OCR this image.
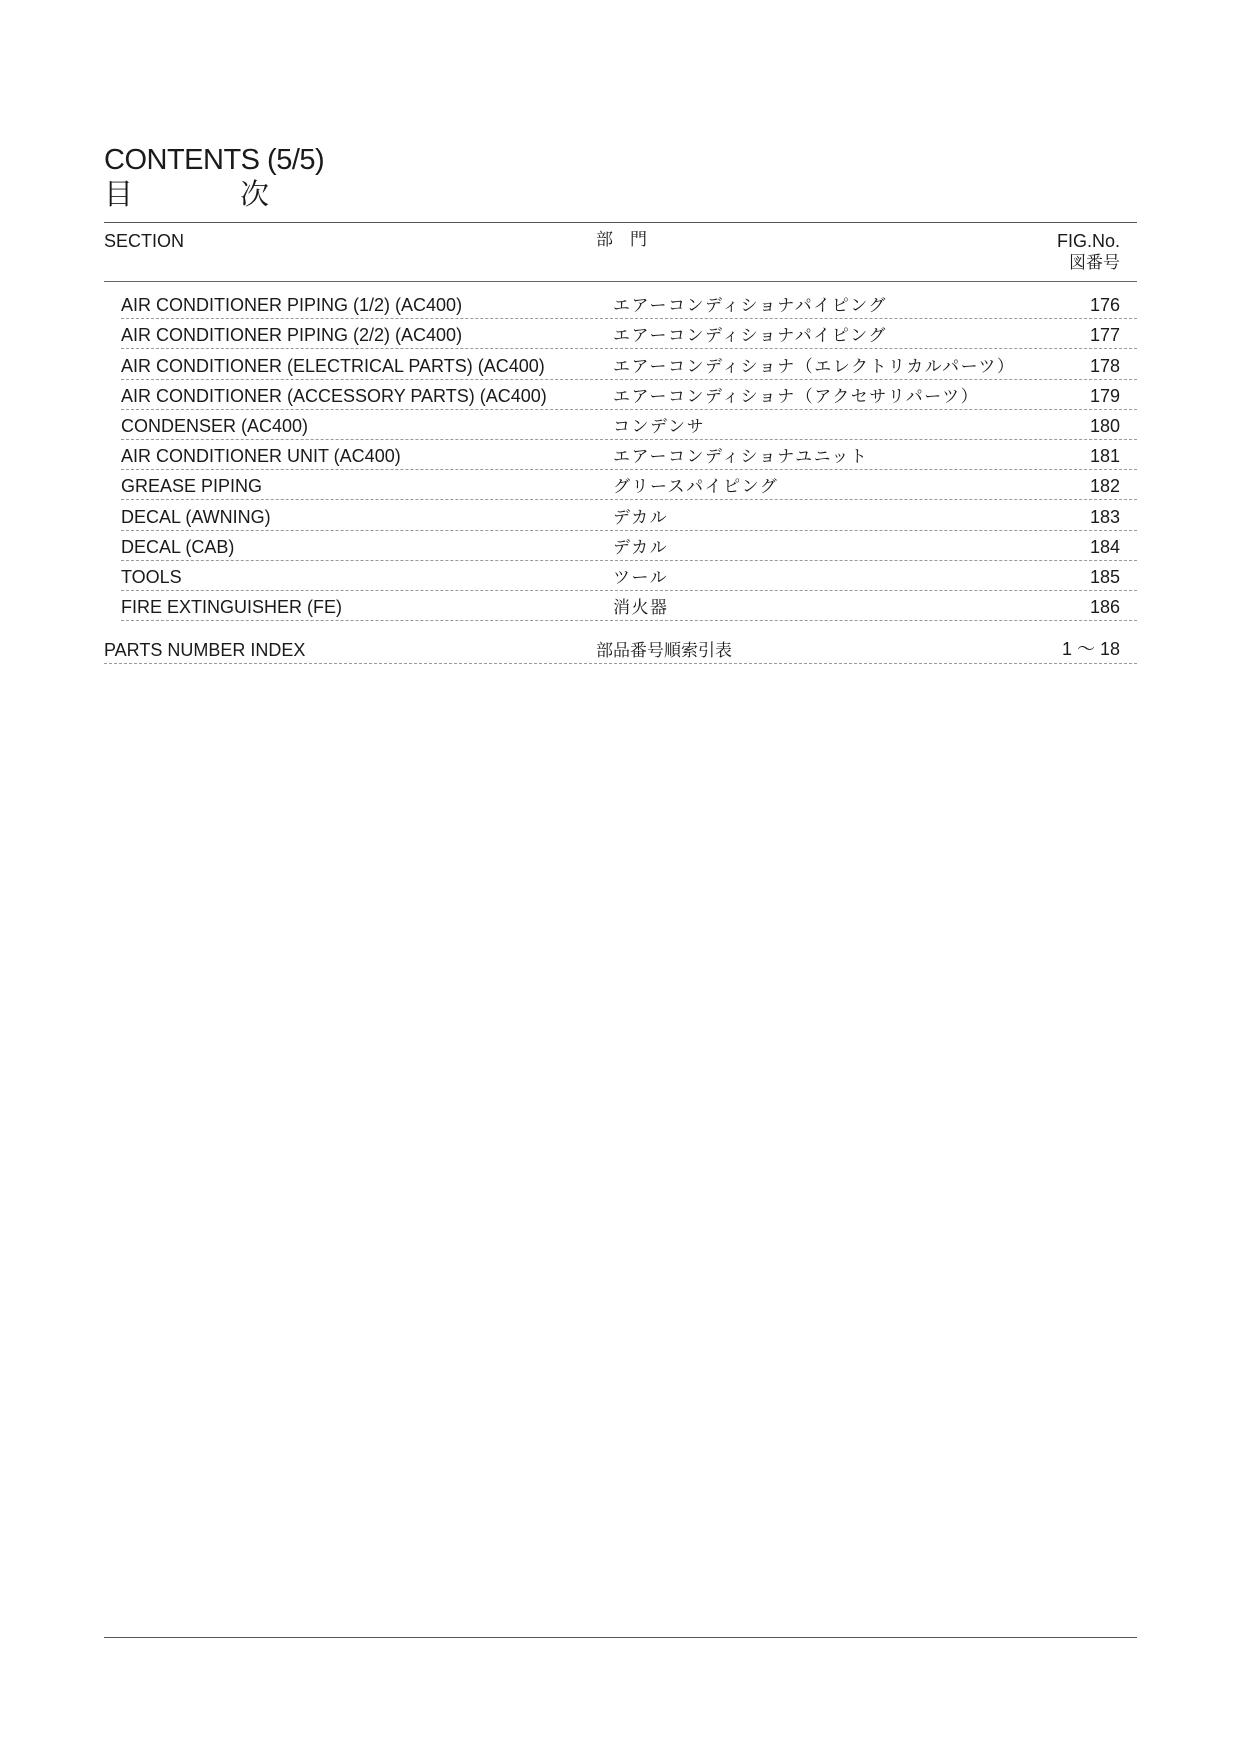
CONTENTS (5/5)
目	次
SECTION	部　門	FIG.No.
図番号
AIR CONDITIONER PIPING (1/2) (AC400)	エアーコンディショナパイピング	176
AIR CONDITIONER PIPING (2/2) (AC400)	エアーコンディショナパイピング	177
AIR CONDITIONER (ELECTRICAL PARTS) (AC400)	エアーコンディショナ（エレクトリカルパーツ）	178
AIR CONDITIONER (ACCESSORY PARTS) (AC400)	エアーコンディショナ（アクセサリパーツ）	179
CONDENSER (AC400)	コンデンサ	180
AIR CONDITIONER UNIT (AC400)	エアーコンディショナユニット	181
GREASE PIPING	グリースパイピング	182
DECAL (AWNING)	デカル	183
DECAL (CAB)	デカル	184
TOOLS	ツール	185
FIRE EXTINGUISHER (FE)	消火器	186
PARTS NUMBER INDEX	部品番号順索引表	1 ～ 18
